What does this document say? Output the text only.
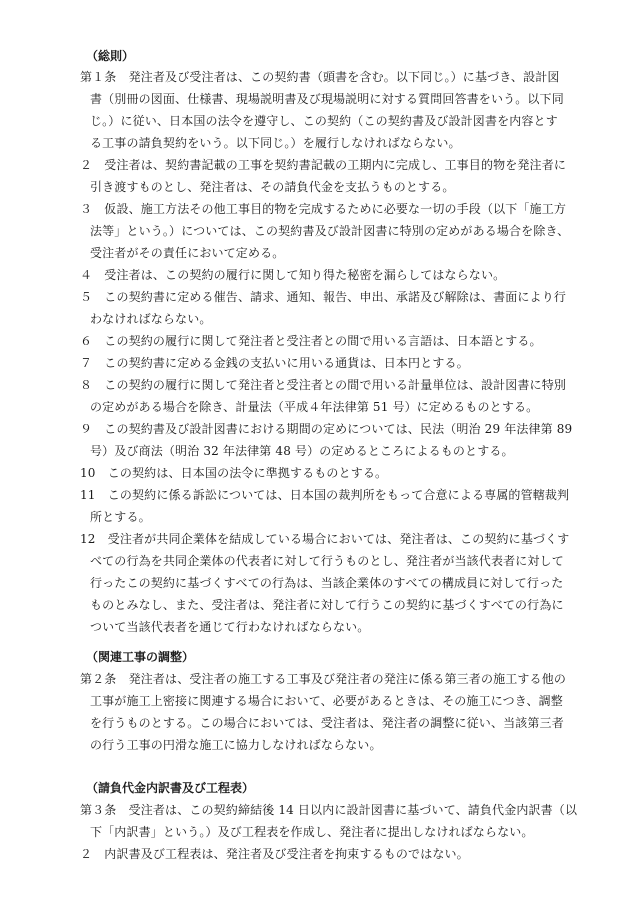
（総則）

第１条　発注者及び受注者は、この契約書（頭書を含む。以下同じ。）に基づき、設計図

書（別冊の図面、仕様書、現場説明書及び現場説明に対する質問回答書をいう。以下同

じ。）に従い、日本国の法令を遵守し、この契約（この契約書及び設計図書を内容とす

る工事の請負契約をいう。以下同じ。）を履行しなければならない。

２　受注者は、契約書記載の工事を契約書記載の工期内に完成し、工事目的物を発注者に

引き渡すものとし、発注者は、その請負代金を支払うものとする。

３　仮設、施工方法その他工事目的物を完成するために必要な一切の手段（以下「施工方

法等」という。）については、この契約書及び設計図書に特別の定めがある場合を除き、

受注者がその責任において定める。

４　受注者は、この契約の履行に関して知り得た秘密を漏らしてはならない。

５　この契約書に定める催告、請求、通知、報告、申出、承諾及び解除は、書面により行

わなければならない。

６　この契約の履行に関して発注者と受注者との間で用いる言語は、日本語とする。

７　この契約書に定める金銭の支払いに用いる通貨は、日本円とする。

８　この契約の履行に関して発注者と受注者との間で用いる計量単位は、設計図書に特別

の定めがある場合を除き、計量法（平成４年法律第 51 号）に定めるものとする。

９　この契約書及び設計図書における期間の定めについては、民法（明治 29 年法律第 89

号）及び商法（明治 32 年法律第 48 号）の定めるところによるものとする。

10　この契約は、日本国の法令に準拠するものとする。

11　この契約に係る訴訟については、日本国の裁判所をもって合意による専属的管轄裁判

所とする。

12　受注者が共同企業体を結成している場合においては、発注者は、この契約に基づくす

べての行為を共同企業体の代表者に対して行うものとし、発注者が当該代表者に対して

行ったこの契約に基づくすべての行為は、当該企業体のすべての構成員に対して行った

ものとみなし、また、受注者は、発注者に対して行うこの契約に基づくすべての行為に

ついて当該代表者を通じて行わなければならない。

（関連工事の調整）

第２条　発注者は、受注者の施工する工事及び発注者の発注に係る第三者の施工する他の

工事が施工上密接に関連する場合において、必要があるときは、その施工につき、調整

を行うものとする。この場合においては、受注者は、発注者の調整に従い、当該第三者

の行う工事の円滑な施工に協力しなければならない。

（請負代金内訳書及び工程表）

第３条　受注者は、この契約締結後 14 日以内に設計図書に基づいて、請負代金内訳書（以

下「内訳書」という。）及び工程表を作成し、発注者に提出しなければならない。

２　内訳書及び工程表は、発注者及び受注者を拘束するものではない。
